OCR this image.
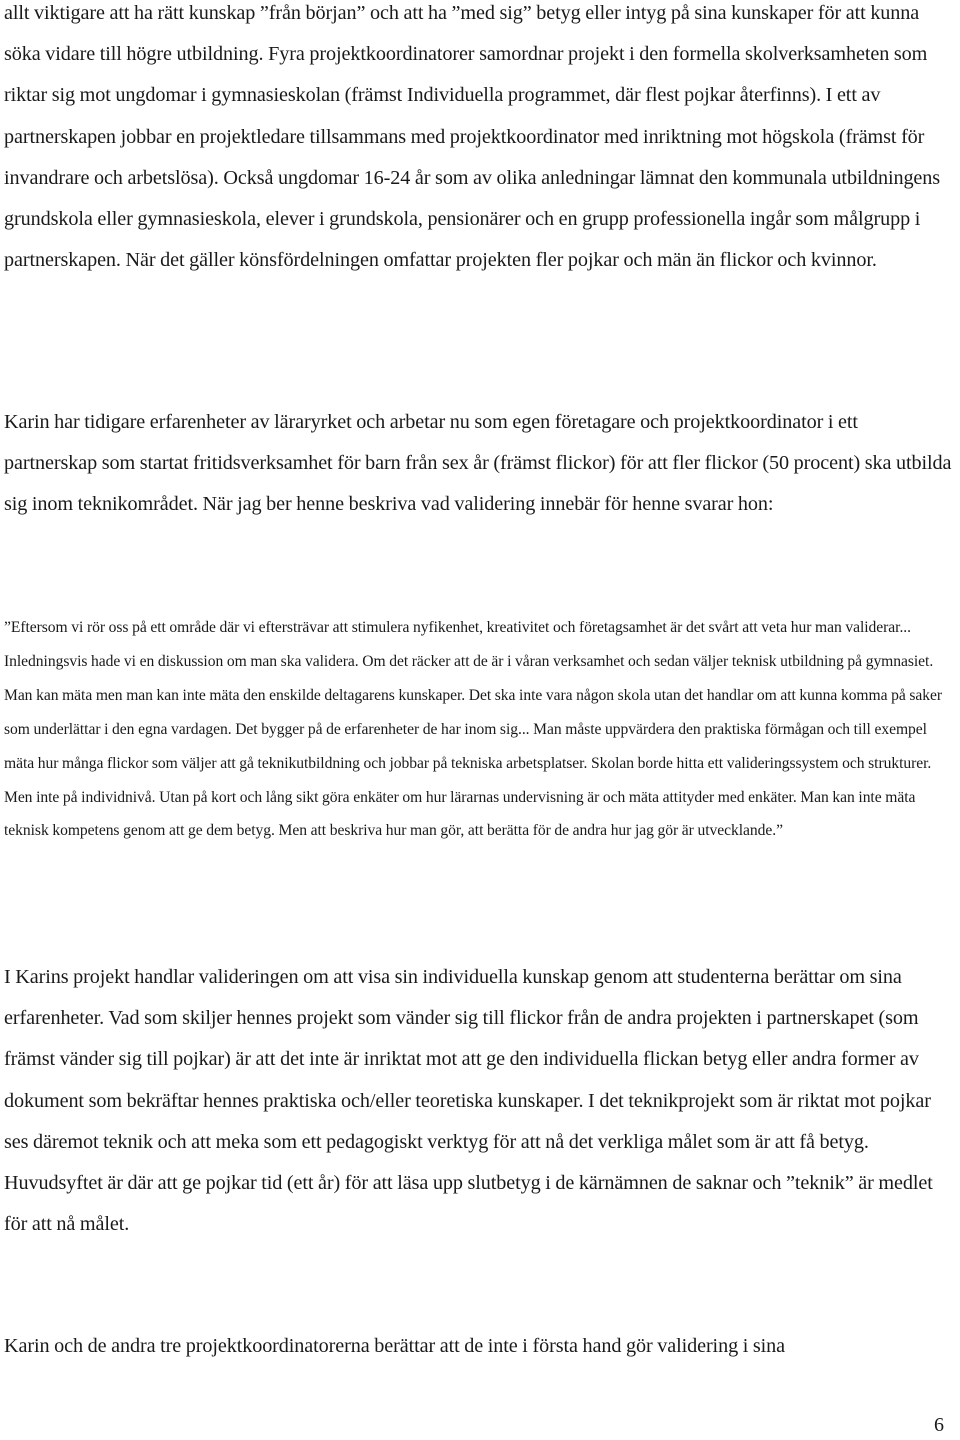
allt viktigare att ha rätt kunskap ”från början” och att ha ”med sig” betyg eller intyg på sina kunskaper för att kunna söka vidare till högre utbildning. Fyra projektkoordinatorer samordnar projekt i den formella skolverksamheten som riktar sig mot ungdomar i gymnasieskolan (främst Individuella programmet, där flest pojkar återfinns). I ett av partnerskapen jobbar en projektledare tillsammans med projektkoordinator med inriktning mot högskola (främst för invandrare och arbetslösa). Också ungdomar 16-24 år som av olika anledningar lämnat den kommunala utbildningens grundskola eller gymnasieskola, elever i grundskola, pensionärer och en grupp professionella ingår som målgrupp i partnerskapen. När det gäller könsfördelningen omfattar projekten fler pojkar och män än flickor och kvinnor.

Karin har tidigare erfarenheter av läraryrket och arbetar nu som egen företagare och projektkoordinator i ett partnerskap som startat fritidsverksamhet för barn från sex år (främst flickor) för att fler flickor (50 procent) ska utbilda sig inom teknikområdet. När jag ber henne beskriva vad validering innebär för henne svarar hon:

”Eftersom vi rör oss på ett område där vi eftersträvar att stimulera nyfikenhet, kreativitet och företagsamhet är det svårt att veta hur man validerar... Inledningsvis hade vi en diskussion om man ska validera. Om det räcker att de är i våran verksamhet och sedan väljer teknisk utbildning på gymnasiet. Man kan mäta men man kan inte mäta den enskilde deltagarens kunskaper. Det ska inte vara någon skola utan det handlar om att kunna komma på saker som underlättar i den egna vardagen. Det bygger på de erfarenheter de har inom sig... Man måste uppvärdera den praktiska förmågan och till exempel mäta hur många flickor som väljer att gå teknikutbildning och jobbar på tekniska arbetsplatser. Skolan borde hitta ett valideringssystem och strukturer. Men inte på individnivå. Utan på kort och lång sikt göra enkäter om hur lärarnas undervisning är och mäta attityder med enkäter. Man kan inte mäta teknisk kompetens genom att ge dem betyg. Men att beskriva hur man gör, att berätta för de andra hur jag gör är utvecklande.”

I Karins projekt handlar valideringen om att visa sin individuella kunskap genom att studenterna berättar om sina erfarenheter. Vad som skiljer hennes projekt som vänder sig till flickor från de andra projekten i partnerskapet (som främst vänder sig till pojkar) är att det inte är inriktat mot att ge den individuella flickan betyg eller andra former av dokument som bekräftar hennes praktiska och/eller teoretiska kunskaper. I det teknikprojekt som är riktat mot pojkar ses däremot teknik och att meka som ett pedagogiskt verktyg för att nå det verkliga målet som är att få betyg. Huvudsyftet är där att ge pojkar tid (ett år) för att läsa upp slutbetyg i de kärnämnen de saknar och ”teknik” är medlet för att nå målet.

Karin och de andra tre projektkoordinatorerna berättar att de inte i första hand gör validering i sina

6
